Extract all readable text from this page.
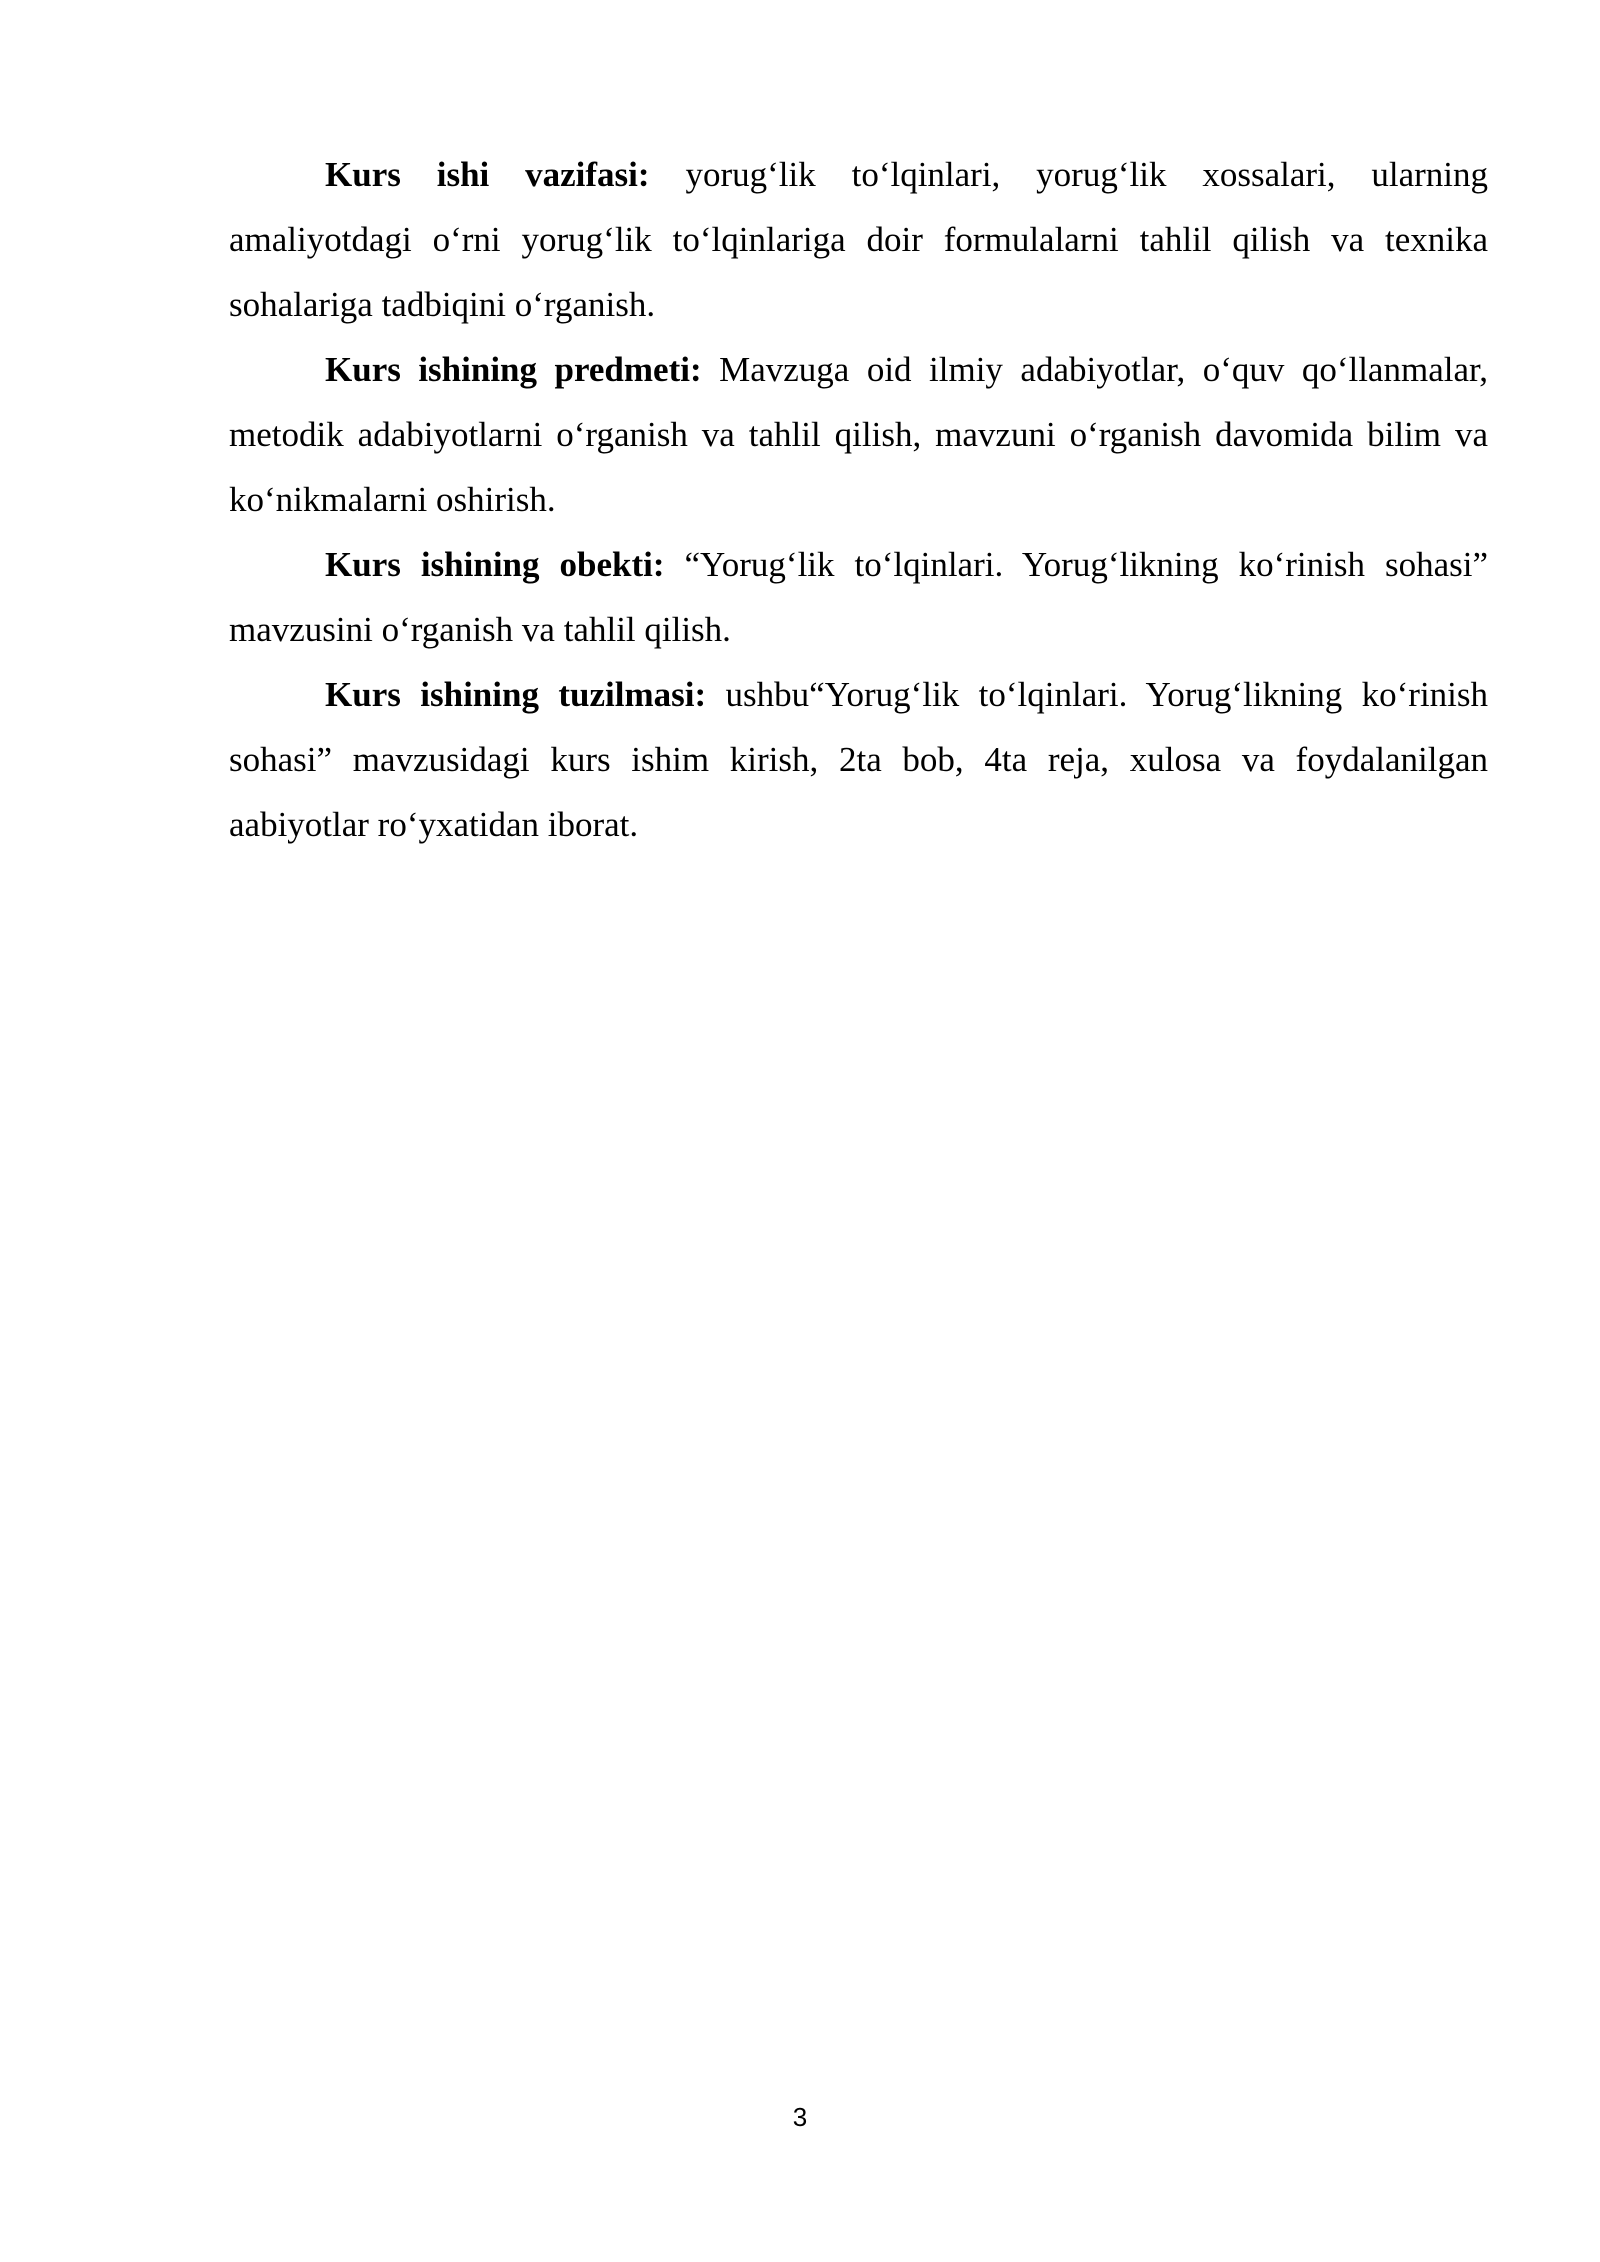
Kurs ishi vazifasi: yorug‘lik to‘lqinlari, yorug‘lik xossalari, ularning amaliyotdagi o‘rni yorug‘lik to‘lqinlariga doir formulalarni tahlil qilish va texnika sohalariga tadbiqini o‘rganish.

Kurs ishining predmeti: Mavzuga oid ilmiy adabiyotlar, o‘quv qo‘llanmalar, metodik adabiyotlarni o‘rganish va tahlil qilish, mavzuni o‘rganish davomida bilim va ko‘nikmalarni oshirish.

Kurs ishining obekti: “Yorug‘lik to‘lqinlari. Yorug‘likning ko‘rinish sohasi” mavzusini o‘rganish va tahlil qilish.

Kurs ishining tuzilmasi: ushbu“Yorug‘lik to‘lqinlari. Yorug‘likning ko‘rinish sohasi” mavzusidagi kurs ishim kirish, 2ta bob, 4ta reja, xulosa va foydalanilgan aabiyotlar ro‘yxatidan iborat.

3
